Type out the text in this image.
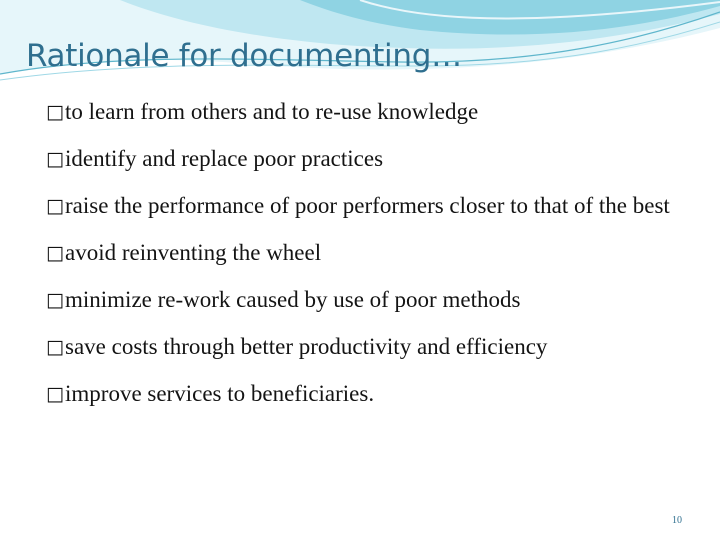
Rationale for documenting…
□ to learn from others and to re-use knowledge
□ identify and replace poor practices
□ raise the performance of poor performers closer to that of the best
□ avoid reinventing the wheel
□ minimize re-work caused by use of poor methods
□ save costs through better productivity and efficiency
□ improve services to beneficiaries.
10
